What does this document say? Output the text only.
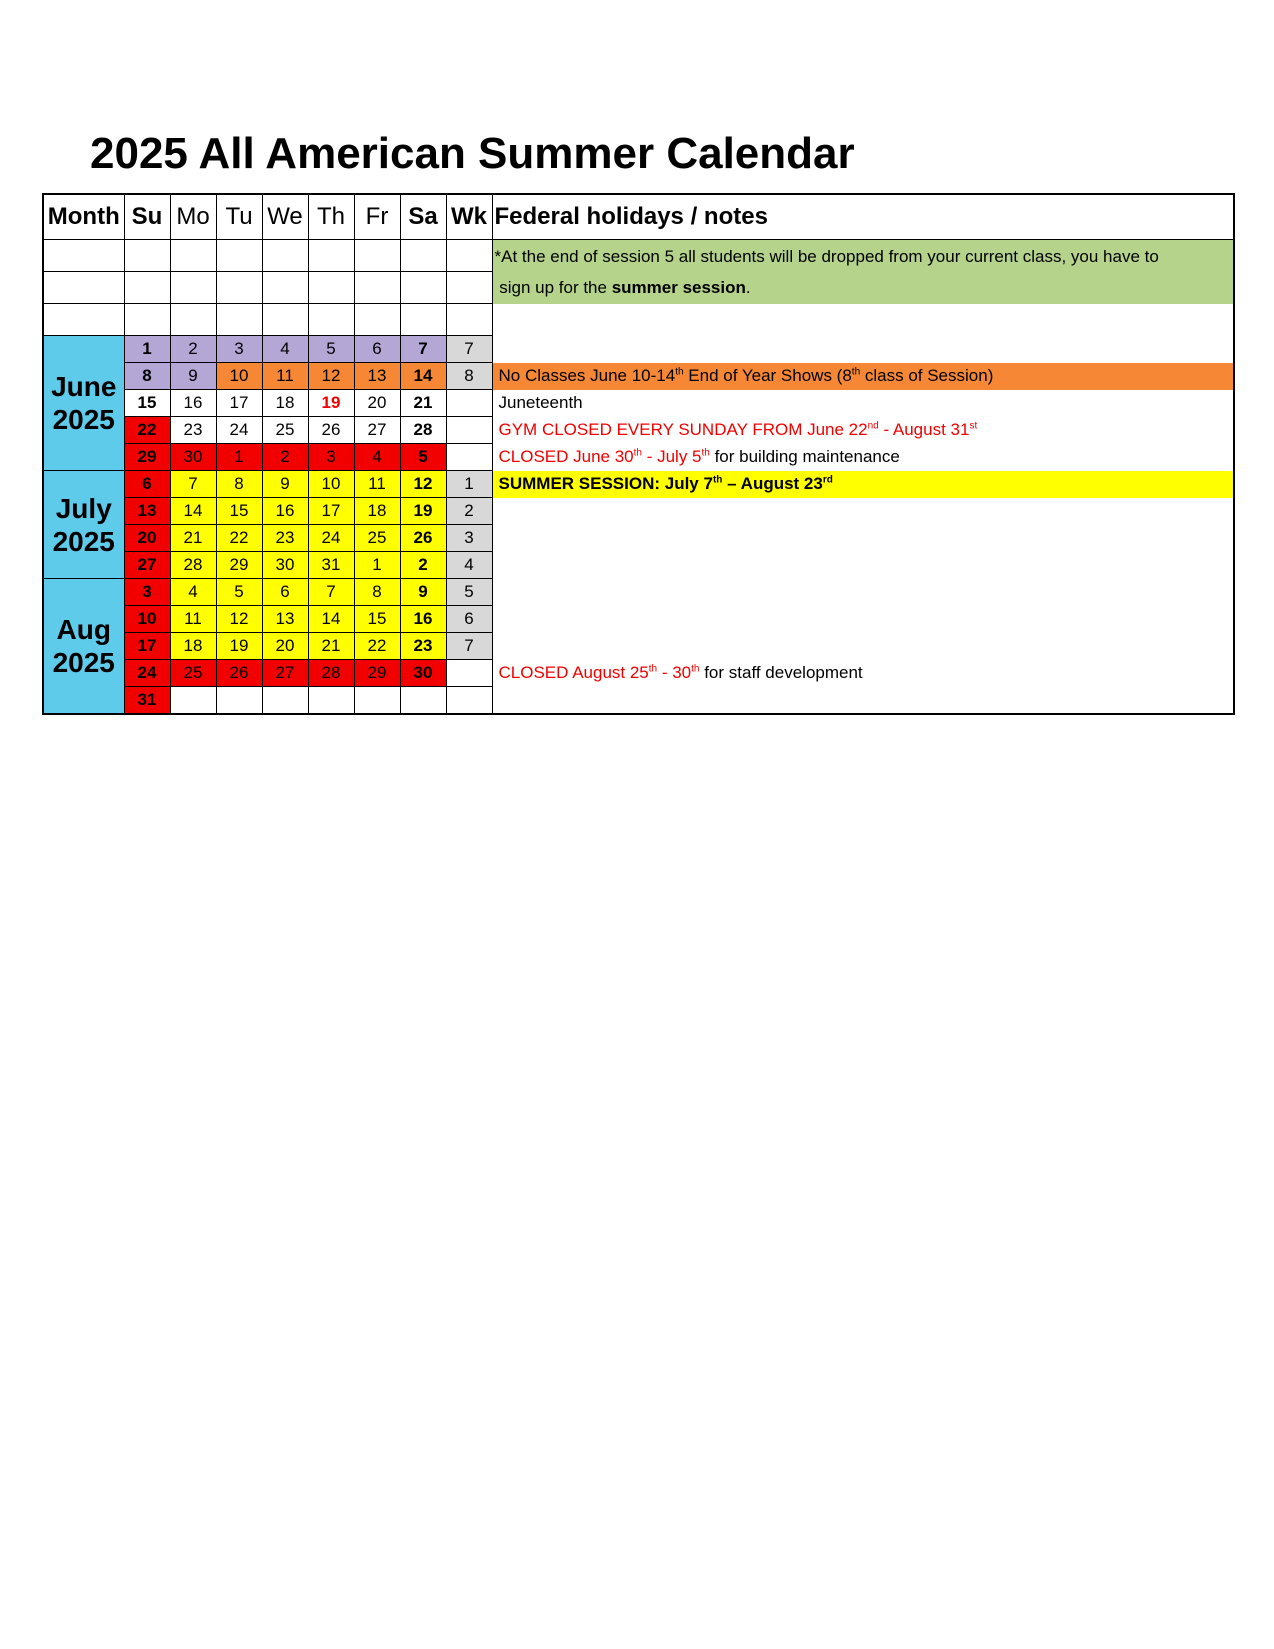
2025 All American Summer Calendar
Month	Su	Mo	Tu	We	Th	Fr	Sa	Wk	Federal holidays / notes
									*At the end of session 5 all students will be dropped from your current class, you have to
sign up for the summer session.

June
2025	1	2	3	4	5	6	7	7	
	8	9	10	11	12	13	14	8	No Classes June 10-14th End of Year Shows (8th class of Session)
	15	16	17	18	19	20	21		Juneteenth
	22	23	24	25	26	27	28		GYM CLOSED EVERY SUNDAY FROM June 22nd - August 31st
	29	30	1	2	3	4	5		CLOSED June 30th - July 5th for building maintenance
July
2025	6	7	8	9	10	11	12	1	SUMMER SESSION: July 7th – August 23rd
	13	14	15	16	17	18	19	2	
	20	21	22	23	24	25	26	3	
	27	28	29	30	31	1	2	4	
Aug
2025	3	4	5	6	7	8	9	5	
	10	11	12	13	14	15	16	6	
	17	18	19	20	21	22	23	7	
	24	25	26	27	28	29	30		CLOSED August 25th - 30th for staff development
	31								
